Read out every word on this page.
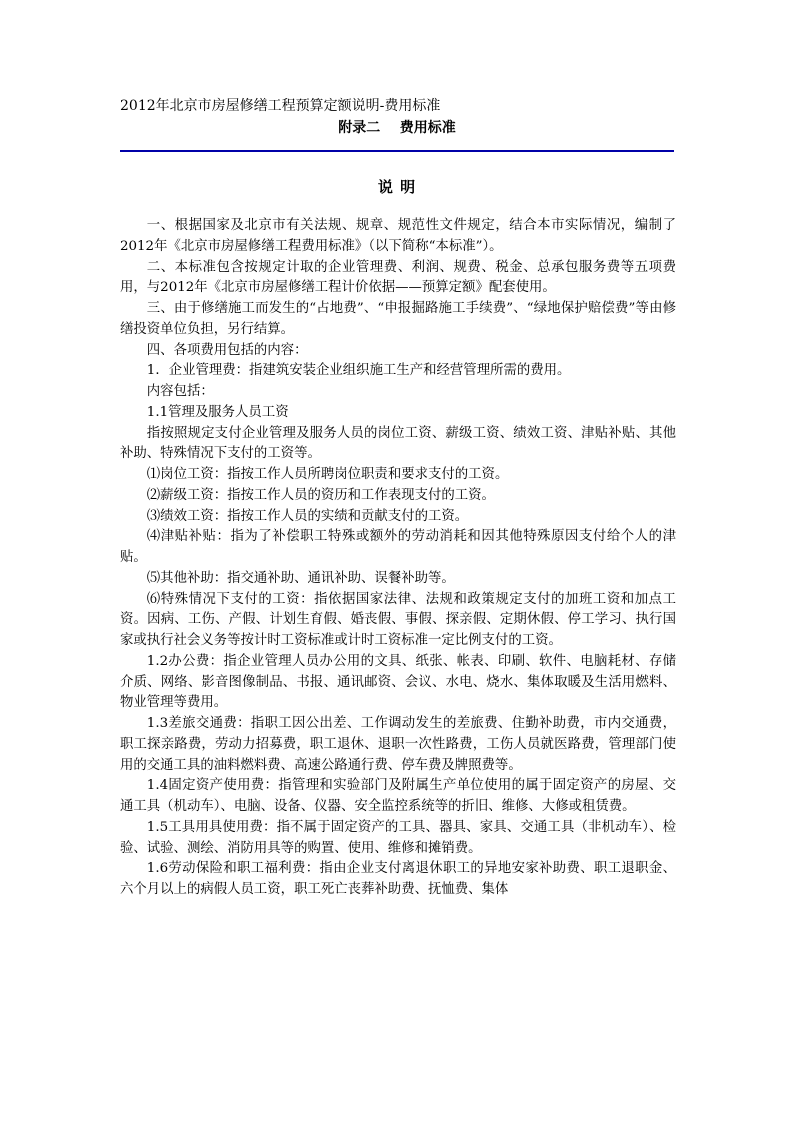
2012年北京市房屋修缮工程预算定额说明-费用标准
附录二    费用标准
说 明

一、根据国家及北京市有关法规、规章、规范性文件规定，结合本市实际情况，编制了2012年《北京市房屋修缮工程费用标准》（以下简称“本标准”）。

二、本标准包含按规定计取的企业管理费、利润、规费、税金、总承包服务费等五项费用，与2012年《北京市房屋修缮工程计价依据——预算定额》配套使用。

三、由于修缮施工而发生的“占地费”、“申报掘路施工手续费”、“绿地保护赔偿费”等由修缮投资单位负担，另行结算。

四、各项费用包括的内容：

1．企业管理费：指建筑安装企业组织施工生产和经营管理所需的费用。

内容包括：

1.1管理及服务人员工资

指按照规定支付企业管理及服务人员的岗位工资、薪级工资、绩效工资、津贴补贴、其他补助、特殊情况下支付的工资等。

⑴岗位工资：指按工作人员所聘岗位职责和要求支付的工资。

⑵薪级工资：指按工作人员的资历和工作表现支付的工资。

⑶绩效工资：指按工作人员的实绩和贡献支付的工资。

⑷津贴补贴：指为了补偿职工特殊或额外的劳动消耗和因其他特殊原因支付给个人的津贴。

⑸其他补助：指交通补助、通讯补助、误餐补助等。

⑹特殊情况下支付的工资：指依据国家法律、法规和政策规定支付的加班工资和加点工资。因病、工伤、产假、计划生育假、婚丧假、事假、探亲假、定期休假、停工学习、执行国家或执行社会义务等按计时工资标准或计时工资标准一定比例支付的工资。

1.2办公费：指企业管理人员办公用的文具、纸张、帐表、印刷、软件、电脑耗材、存储介质、网络、影音图像制品、书报、通讯邮资、会议、水电、烧水、集体取暖及生活用燃料、物业管理等费用。

1.3差旅交通费：指职工因公出差、工作调动发生的差旅费、住勤补助费，市内交通费，职工探亲路费，劳动力招募费，职工退休、退职一次性路费，工伤人员就医路费，管理部门使用的交通工具的油料燃料费、高速公路通行费、停车费及牌照费等。

1.4固定资产使用费：指管理和实验部门及附属生产单位使用的属于固定资产的房屋、交通工具（机动车）、电脑、设备、仪器、安全监控系统等的折旧、维修、大修或租赁费。

1.5工具用具使用费：指不属于固定资产的工具、器具、家具、交通工具（非机动车）、检验、试验、测绘、消防用具等的购置、使用、维修和摊销费。

1.6劳动保险和职工福利费：指由企业支付离退休职工的异地安家补助费、职工退职金、六个月以上的病假人员工资，职工死亡丧葬补助费、抚恤费、集体
